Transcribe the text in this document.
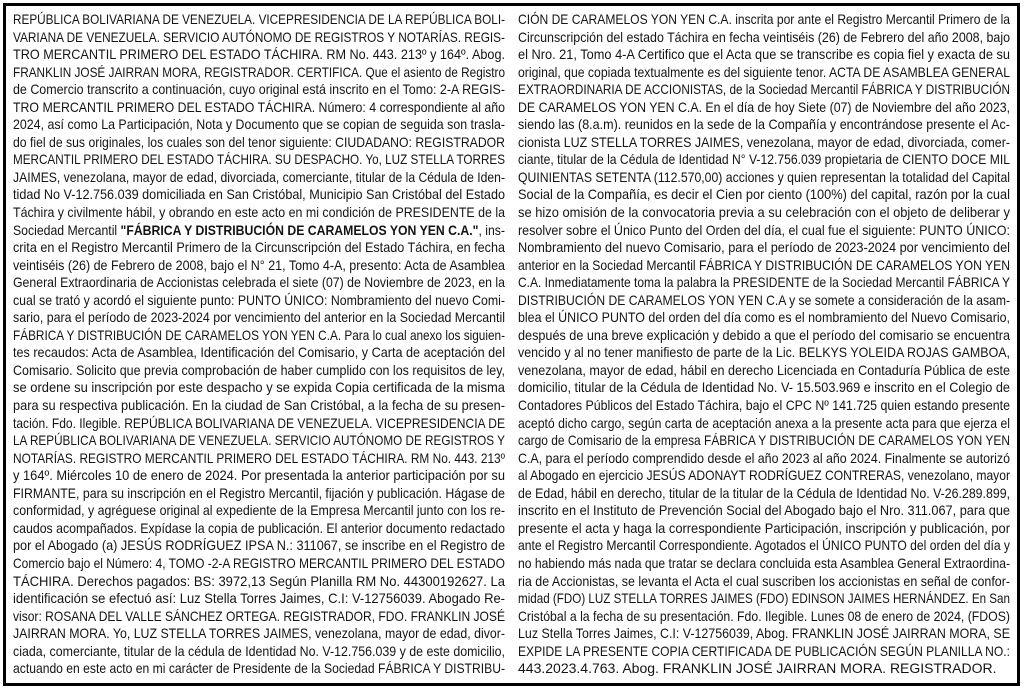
REPÚBLICA BOLIVARIANA DE VENEZUELA. VICEPRESIDENCIA DE LA REPÚBLICA BOLI-
VARIANA DE VENEZUELA. SERVICIO AUTÓNOMO DE REGISTROS Y NOTARÍAS. REGIS-
TRO MERCANTIL PRIMERO DEL ESTADO TÁCHIRA. RM No. 443. 213º y 164º. Abog.
FRANKLIN JOSÉ JAIRRAN MORA, REGISTRADOR. CERTIFICA. Que el asiento de Registro
de Comercio transcrito a continuación, cuyo original está inscrito en el Tomo: 2-A REGIS-
TRO MERCANTIL PRIMERO DEL ESTADO TÁCHIRA. Número: 4 correspondiente al año
2024, así como La Participación, Nota y Documento que se copian de seguida son trasla-
do fiel de sus originales, los cuales son del tenor siguiente: CIUDADANO: REGISTRADOR
MERCANTIL PRIMERO DEL ESTADO TÁCHIRA. SU DESPACHO. Yo, LUZ STELLA TORRES
JAIMES, venezolana, mayor de edad, divorciada, comerciante, titular de la Cédula de Iden-
tidad No V-12.756.039 domiciliada en San Cristóbal, Municipio San Cristóbal del Estado
Táchira y civilmente hábil, y obrando en este acto en mi condición de PRESIDENTE de la
Sociedad Mercantil "FÁBRICA Y DISTRIBUCIÓN DE CARAMELOS YON YEN C.A.", ins-
crita en el Registro Mercantil Primero de la Circunscripción del Estado Táchira, en fecha
veintiséis (26) de Febrero de 2008, bajo el N° 21, Tomo 4-A, presento: Acta de Asamblea
General Extraordinaria de Accionistas celebrada el siete (07) de Noviembre de 2023, en la
cual se trató y acordó el siguiente punto: PUNTO ÚNICO: Nombramiento del nuevo Comi-
sario, para el período de 2023-2024 por vencimiento del anterior en la Sociedad Mercantil
FÁBRICA Y DISTRIBUCIÓN DE CARAMELOS YON YEN C.A. Para lo cual anexo los siguien-
tes recaudos: Acta de Asamblea, Identificación del Comisario, y Carta de aceptación del
Comisario. Solicito que previa comprobación de haber cumplido con los requisitos de ley,
se ordene su inscripción por este despacho y se expida Copia certificada de la misma
para su respectiva publicación. En la ciudad de San Cristóbal, a la fecha de su presen-
tación. Fdo. Ilegible. REPÚBLICA BOLIVARIANA DE VENEZUELA. VICEPRESIDENCIA DE
LA REPÚBLICA BOLIVARIANA DE VENEZUELA. SERVICIO AUTÓNOMO DE REGISTROS Y
NOTARÍAS. REGISTRO MERCANTIL PRIMERO DEL ESTADO TÁCHIRA. RM No. 443. 213º
y 164º. Miércoles 10 de enero de 2024. Por presentada la anterior participación por su
FIRMANTE, para su inscripción en el Registro Mercantil, fijación y publicación. Hágase de
conformidad, y agréguese original al expediente de la Empresa Mercantil junto con los re-
caudos acompañados. Expídase la copia de publicación. El anterior documento redactado
por el Abogado (a) JESÚS RODRÍGUEZ IPSA N.: 311067, se inscribe en el Registro de
Comercio bajo el Número: 4, TOMO -2-A REGISTRO MERCANTIL PRIMERO DEL ESTADO
TÁCHIRA. Derechos pagados: BS: 3972,13 Según Planilla RM No. 44300192627. La
identificación se efectuó así: Luz Stella Torres Jaimes, C.I: V-12756039. Abogado Re-
visor: ROSANA DEL VALLE SÁNCHEZ ORTEGA. REGISTRADOR, FDO. FRANKLIN JOSÉ
JAIRRAN MORA. Yo, LUZ STELLA TORRES JAIMES, venezolana, mayor de edad, divor-
ciada, comerciante, titular de la cédula de Identidad No. V-12.756.039 y de este domicilio,
actuando en este acto en mi carácter de Presidente de la Sociedad FÁBRICA Y DISTRIBU-
CIÓN DE CARAMELOS YON YEN C.A. inscrita por ante el Registro Mercantil Primero de la
Circunscripción del estado Táchira en fecha veintiséis (26) de Febrero del año 2008, bajo
el Nro. 21, Tomo 4-A Certifico que el Acta que se transcribe es copia fiel y exacta de su
original, que copiada textualmente es del siguiente tenor. ACTA DE ASAMBLEA GENERAL
EXTRAORDINARIA DE ACCIONISTAS, de la Sociedad Mercantil FÁBRICA Y DISTRIBUCIÓN
DE CARAMELOS YON YEN C.A. En el día de hoy Siete (07) de Noviembre del año 2023,
siendo las (8.a.m). reunidos en la sede de la Compañía y encontrándose presente el Ac-
cionista LUZ STELLA TORRES JAIMES, venezolana, mayor de edad, divorciada, comer-
ciante, titular de la Cédula de Identidad N° V-12.756.039 propietaria de CIENTO DOCE MIL
QUINIENTAS SETENTA (112.570,00) acciones y quien representan la totalidad del Capital
Social de la Compañía, es decir el Cien por ciento (100%) del capital, razón por la cual
se hizo omisión de la convocatoria previa a su celebración con el objeto de deliberar y
resolver sobre el Único Punto del Orden del día, el cual fue el siguiente: PUNTO ÚNICO:
Nombramiento del nuevo Comisario, para el período de 2023-2024 por vencimiento del
anterior en la Sociedad Mercantil FÁBRICA Y DISTRIBUCIÓN DE CARAMELOS YON YEN
C.A. Inmediatamente toma la palabra la PRESIDENTE de la Sociedad Mercantil FÁBRICA Y
DISTRIBUCIÓN DE CARAMELOS YON YEN C.A y se somete a consideración de la asam-
blea el ÚNICO PUNTO del orden del día como es el nombramiento del Nuevo Comisario,
después de una breve explicación y debido a que el período del comisario se encuentra
vencido y al no tener manifiesto de parte de la Lic. BELKYS YOLEIDA ROJAS GAMBOA,
venezolana, mayor de edad, hábil en derecho Licenciada en Contaduría Pública de este
domicilio, titular de la Cédula de Identidad No. V- 15.503.969 e inscrito en el Colegio de
Contadores Públicos del Estado Táchira, bajo el CPC Nº 141.725 quien estando presente
aceptó dicho cargo, según carta de aceptación anexa a la presente acta para que ejerza el
cargo de Comisario de la empresa FÁBRICA Y DISTRIBUCIÓN DE CARAMELOS YON YEN
C.A, para el período comprendido desde el año 2023 al año 2024. Finalmente se autorizó
al Abogado en ejercicio JESÚS ADONAYT RODRÍGUEZ CONTRERAS, venezolano, mayor
de Edad, hábil en derecho, titular de la titular de la Cédula de Identidad No. V-26.289.899,
inscrito en el Instituto de Prevención Social del Abogado bajo el Nro. 311.067, para que
presente el acta y haga la correspondiente Participación, inscripción y publicación, por
ante el Registro Mercantil Correspondiente. Agotados el ÚNICO PUNTO del orden del día y
no habiendo más nada que tratar se declara concluida esta Asamblea General Extraordina-
ria de Accionistas, se levanta el Acta el cual suscriben los accionistas en señal de confor-
midad (FDO) LUZ STELLA TORRES JAIMES (FDO) EDINSON JAIMES HERNÁNDEZ. En San
Cristóbal a la fecha de su presentación. Fdo. Ilegible. Lunes 08 de enero de 2024, (FDOS)
Luz Stella Torres Jaimes, C.I: V-12756039, Abog. FRANKLIN JOSÉ JAIRRAN MORA, SE
EXPIDE LA PRESENTE COPIA CERTIFICADA DE PUBLICACIÓN SEGÚN PLANILLA NO.:
443.2023.4.763. Abog. FRANKLIN JOSÉ JAIRRAN MORA. REGISTRADOR.
